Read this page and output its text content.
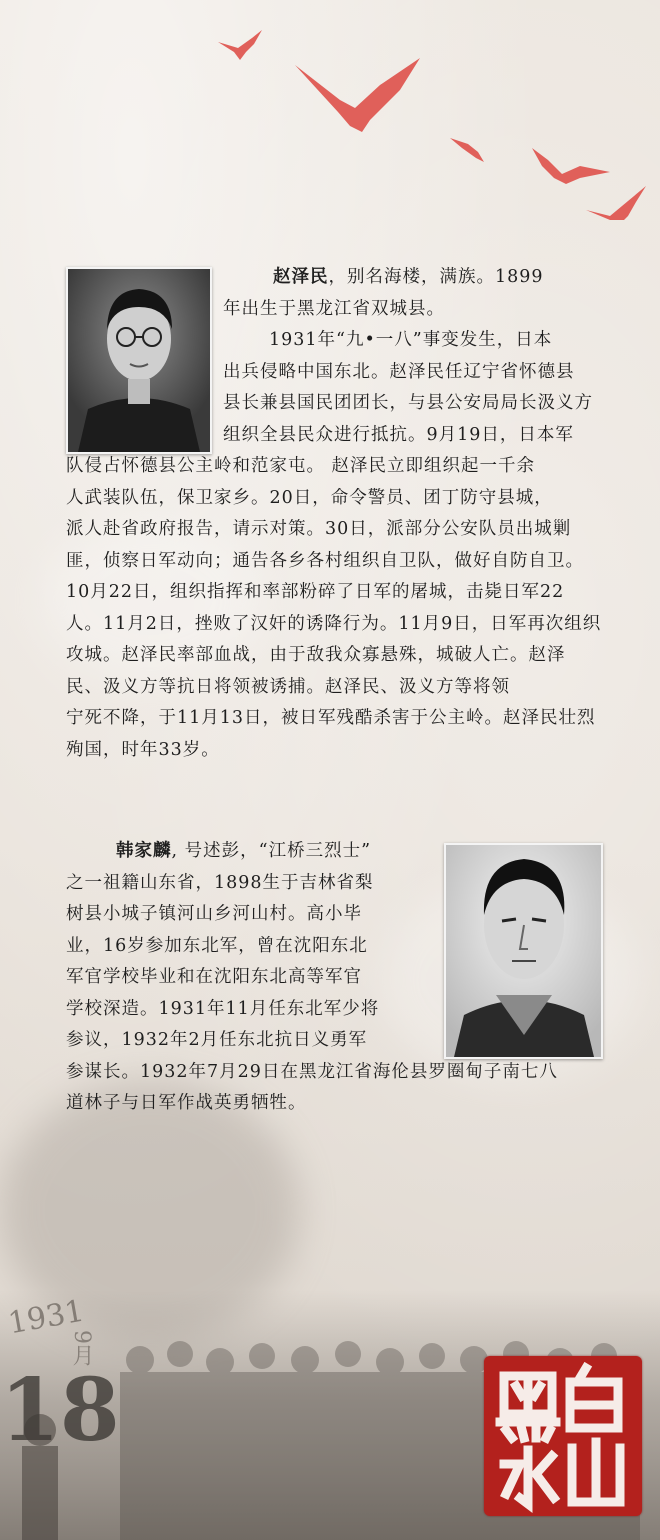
赵泽民，别名海楼，满族。1899
年出生于黑龙江省双城县。
1931年“九•一八”事变发生，日本
出兵侵略中国东北。赵泽民任辽宁省怀德县
县长兼县国民团团长，与县公安局局长汲义方
组织全县民众进行抵抗。9月19日，日本军
队侵占怀德县公主岭和范家屯。 赵泽民立即组织起一千余
人武装队伍，保卫家乡。20日，命令警员、团丁防守县城，
派人赴省政府报告，请示对策。30日，派部分公安队员出城剿
匪，侦察日军动向；通告各乡各村组织自卫队，做好自防自卫。
10月22日，组织指挥和率部粉碎了日军的屠城，击毙日军22
人。11月2日，挫败了汉奸的诱降行为。11月9日，日军再次组织
攻城。赵泽民率部血战，由于敌我众寡悬殊，城破人亡。赵泽
民、汲义方等抗日将领被诱捕。赵泽民、汲义方等将领
宁死不降，于11月13日，被日军残酷杀害于公主岭。赵泽民壮烈
殉国，时年33岁。
韩家麟, 号述彭，“江桥三烈士”
之一祖籍山东省，1898生于吉林省梨
树县小城子镇河山乡河山村。高小毕
业，16岁参加东北军，曾在沈阳东北
军官学校毕业和在沈阳东北高等军官
学校深造。1931年11月任东北军少将
参议，1932年2月任东北抗日义勇军
参谋长。1932年7月29日在黑龙江省海伦县罗圈甸子南七八
道林子与日军作战英勇牺牲。
1931
9月
18
白山黑水
